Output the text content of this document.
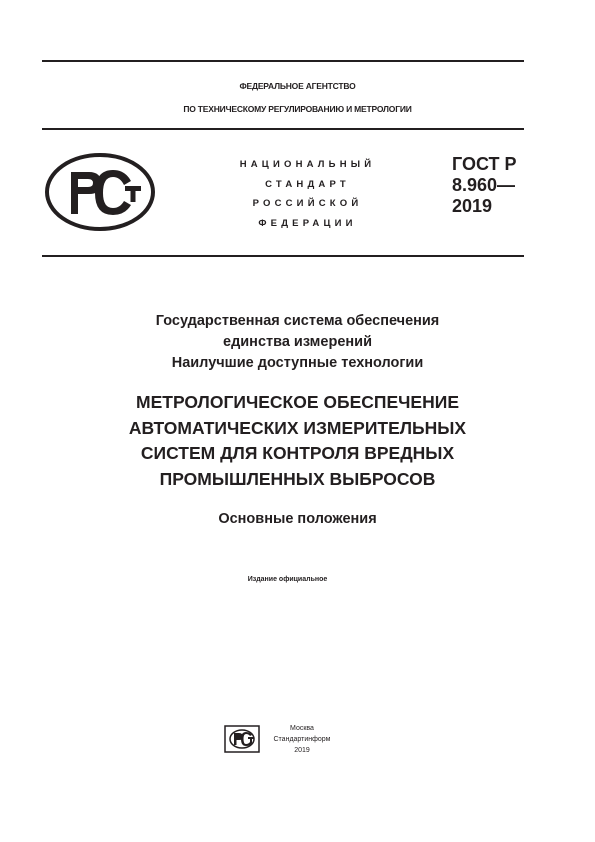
ФЕДЕРАЛЬНОЕ АГЕНТСТВО
ПО ТЕХНИЧЕСКОМУ РЕГУЛИРОВАНИЮ И МЕТРОЛОГИИ
НАЦИОНАЛЬНЫЙ
СТАНДАРТ
РОССИЙСКОЙ
ФЕДЕРАЦИИ
ГОСТ Р
8.960—
2019
Государственная система обеспечения
единства измерений
Наилучшие доступные технологии
МЕТРОЛОГИЧЕСКОЕ ОБЕСПЕЧЕНИЕ
АВТОМАТИЧЕСКИХ ИЗМЕРИТЕЛЬНЫХ
СИСТЕМ ДЛЯ КОНТРОЛЯ ВРЕДНЫХ
ПРОМЫШЛЕННЫХ ВЫБРОСОВ
Основные положения
Издание официальное
Москва
Стандартинформ
2019
